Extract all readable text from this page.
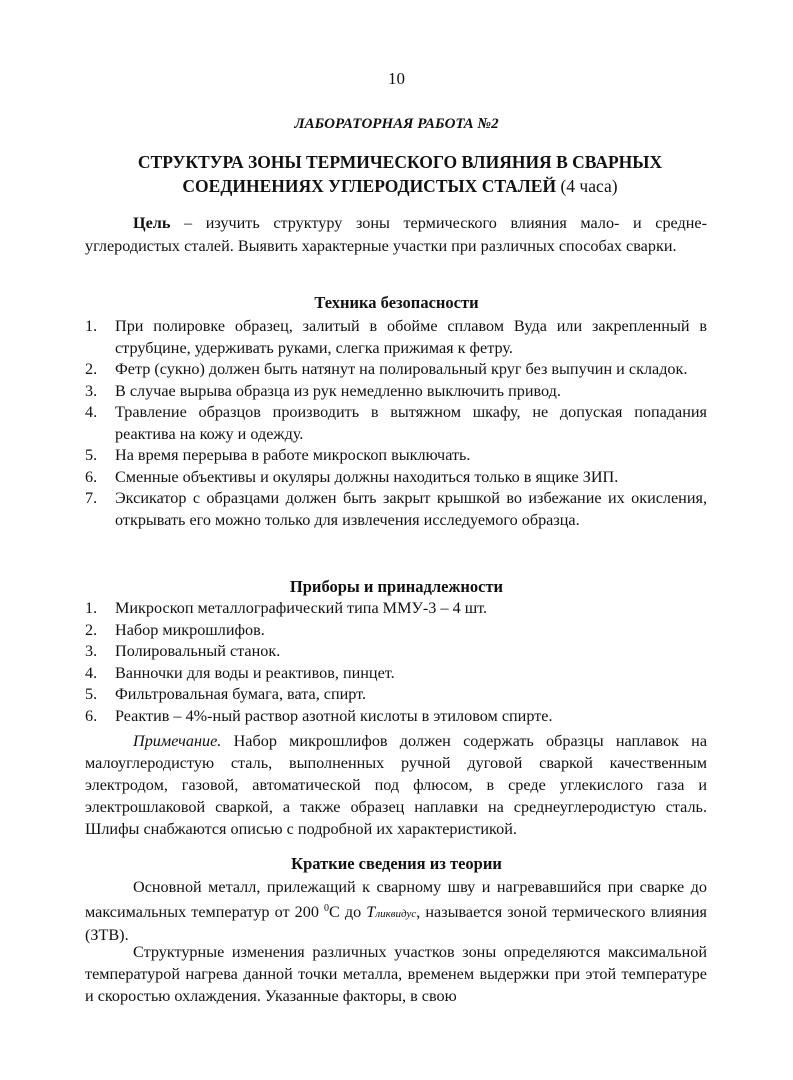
10
ЛАБОРАТОРНАЯ РАБОТА №2
СТРУКТУРА ЗОНЫ ТЕРМИЧЕСКОГО ВЛИЯНИЯ В СВАРНЫХ
СОЕДИНЕНИЯХ УГЛЕРОДИСТЫХ СТАЛЕЙ (4 часа)
Цель – изучить структуру зоны термического влияния мало- и средне-углеродистых сталей. Выявить характерные участки при различных способах сварки.
Техника безопасности
1.	При полировке образец, залитый в обойме сплавом Вуда или закрепленный в струбцине, удерживать руками, слегка прижимая к фетру.
2.	Фетр (сукно) должен быть натянут на полировальный круг без выпучин и складок.
3.	В случае вырыва образца из рук немедленно выключить привод.
4.	Травление образцов производить в вытяжном шкафу, не допуская попадания реактива на кожу и одежду.
5.	На время перерыва в работе микроскоп выключать.
6.	Сменные объективы и окуляры должны находиться только в ящике ЗИП.
7.	Эксикатор с образцами должен быть закрыт крышкой во избежание их окисления, открывать его можно только для извлечения исследуемого образца.
Приборы и принадлежности
1.	Микроскоп металлографический типа ММУ-3 – 4 шт.
2.	Набор микрошлифов.
3.	Полировальный станок.
4.	Ванночки для воды и реактивов, пинцет.
5.	Фильтровальная бумага, вата, спирт.
6.	Реактив – 4%-ный раствор азотной кислоты в этиловом спирте.
Примечание. Набор микрошлифов должен содержать образцы наплавок на малоуглеродистую сталь, выполненных ручной дуговой сваркой качественным электродом, газовой, автоматической под флюсом, в среде углекислого газа и электрошлаковой сваркой, а также образец наплавки на среднеуглеродистую сталь. Шлифы снабжаются описью с подробной их характеристикой.
Краткие сведения из теории
Основной металл, прилежащий к сварному шву и нагревавшийся при сварке до максимальных температур от 200 $^0$С до Tликвидус, называется зоной термического влияния (ЗТВ).
Структурные изменения различных участков зоны определяются максимальной температурой нагрева данной точки металла, временем выдержки при этой температуре и скоростью охлаждения. Указанные факторы, в свою
